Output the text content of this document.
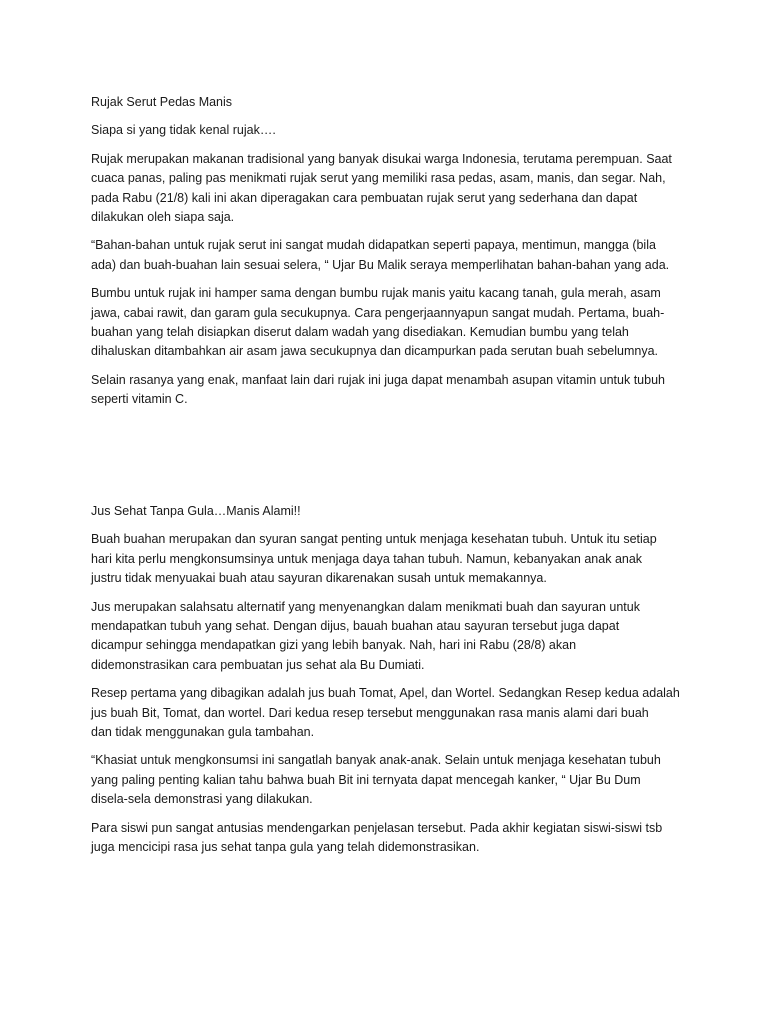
Rujak Serut Pedas Manis
Siapa si yang tidak kenal rujak….
Rujak merupakan makanan tradisional yang banyak disukai warga Indonesia, terutama perempuan. Saat
cuaca panas, paling pas menikmati rujak serut yang memiliki rasa pedas, asam, manis, dan segar. Nah,
pada Rabu (21/8) kali ini akan diperagakan cara pembuatan rujak serut yang sederhana dan dapat
dilakukan oleh siapa saja.
“Bahan-bahan untuk rujak serut ini sangat mudah didapatkan seperti papaya, mentimun, mangga (bila
ada) dan buah-buahan lain sesuai selera, “ Ujar Bu Malik seraya memperlihatan bahan-bahan yang ada.
Bumbu untuk rujak ini hamper sama dengan bumbu rujak manis yaitu kacang tanah, gula merah, asam
jawa, cabai rawit, dan garam gula secukupnya. Cara pengerjaannyapun sangat mudah. Pertama, buah-
buahan yang telah disiapkan diserut dalam wadah yang disediakan. Kemudian bumbu yang telah
dihaluskan ditambahkan air asam jawa secukupnya dan dicampurkan pada serutan buah sebelumnya.
Selain rasanya yang enak, manfaat lain dari rujak ini juga dapat menambah asupan vitamin untuk tubuh
seperti vitamin C.
Jus Sehat Tanpa Gula…Manis Alami!!
Buah buahan merupakan dan syuran sangat penting untuk menjaga kesehatan tubuh. Untuk itu setiap
hari kita perlu mengkonsumsinya untuk menjaga daya tahan tubuh. Namun, kebanyakan anak anak
justru tidak menyuakai buah atau sayuran dikarenakan susah untuk memakannya.
Jus merupakan salahsatu alternatif yang menyenangkan dalam menikmati buah dan sayuran untuk
mendapatkan tubuh yang sehat. Dengan dijus, bauah buahan atau sayuran tersebut juga dapat
dicampur sehingga mendapatkan gizi yang lebih banyak. Nah, hari ini Rabu (28/8) akan
didemonstrasikan cara pembuatan jus sehat ala Bu Dumiati.
Resep pertama yang dibagikan adalah jus buah Tomat, Apel, dan Wortel. Sedangkan Resep kedua adalah
jus buah Bit, Tomat, dan wortel. Dari kedua resep tersebut menggunakan rasa manis alami dari buah
dan tidak menggunakan gula tambahan.
“Khasiat untuk mengkonsumsi ini sangatlah banyak anak-anak. Selain untuk menjaga kesehatan tubuh
yang paling penting kalian tahu bahwa buah Bit ini ternyata dapat mencegah kanker, “ Ujar Bu Dum
disela-sela demonstrasi yang dilakukan.
Para siswi pun sangat antusias mendengarkan penjelasan tersebut. Pada akhir kegiatan siswi-siswi tsb
juga mencicipi rasa jus sehat tanpa gula yang telah didemonstrasikan.
